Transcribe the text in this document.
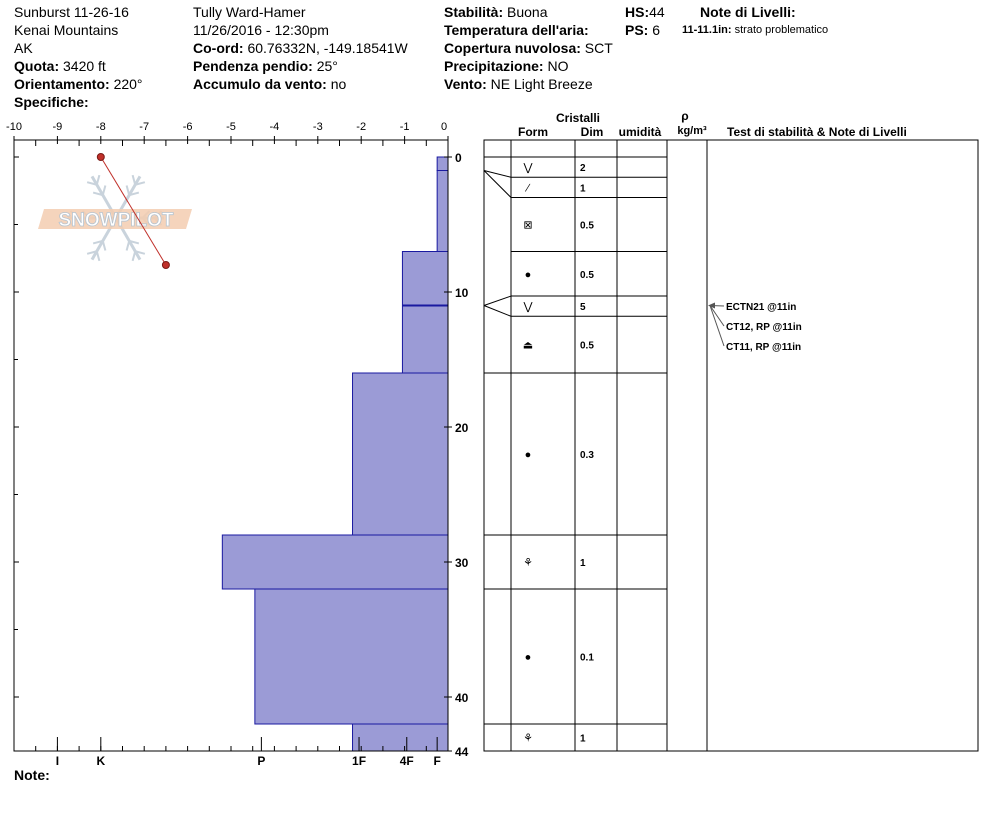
Sunburst 11-26-16
Kenai Mountains
AK
Quota: 3420 ft
Orientamento: 220°
Specifiche:
Tully Ward-Hamer
11/26/2016 - 12:30pm
Co-ord: 60.76332N, -149.18541W
Pendenza pendio: 25°
Accumulo da vento: no
Stabilità: Buona
Temperatura dell'aria:
Copertura nuvolosa: SCT
Precipitazione: NO
Vento: NE Light Breeze
HS:44
PS: 6
Note di Livelli:
11-11.1in: strato problematico
Note:
SNOWPILOT
-10	-9	-8	-7	-6	-5	-4	-3	-2	-1	0
0
10
20
30
40
44
I	K	P	1F	4F F
Cristalli
Form	Dim umidità
ρ
kg/m³ Test di stabilità & Note di Livelli
⋁	2
∕	1
⊠	0.5
●	0.5
⋁	5
⏏	0.5
●	0.3
⚘	1
●	0.1
⚘	1
ECTN21 @11in
CT12, RP @11in
CT11, RP @11in
